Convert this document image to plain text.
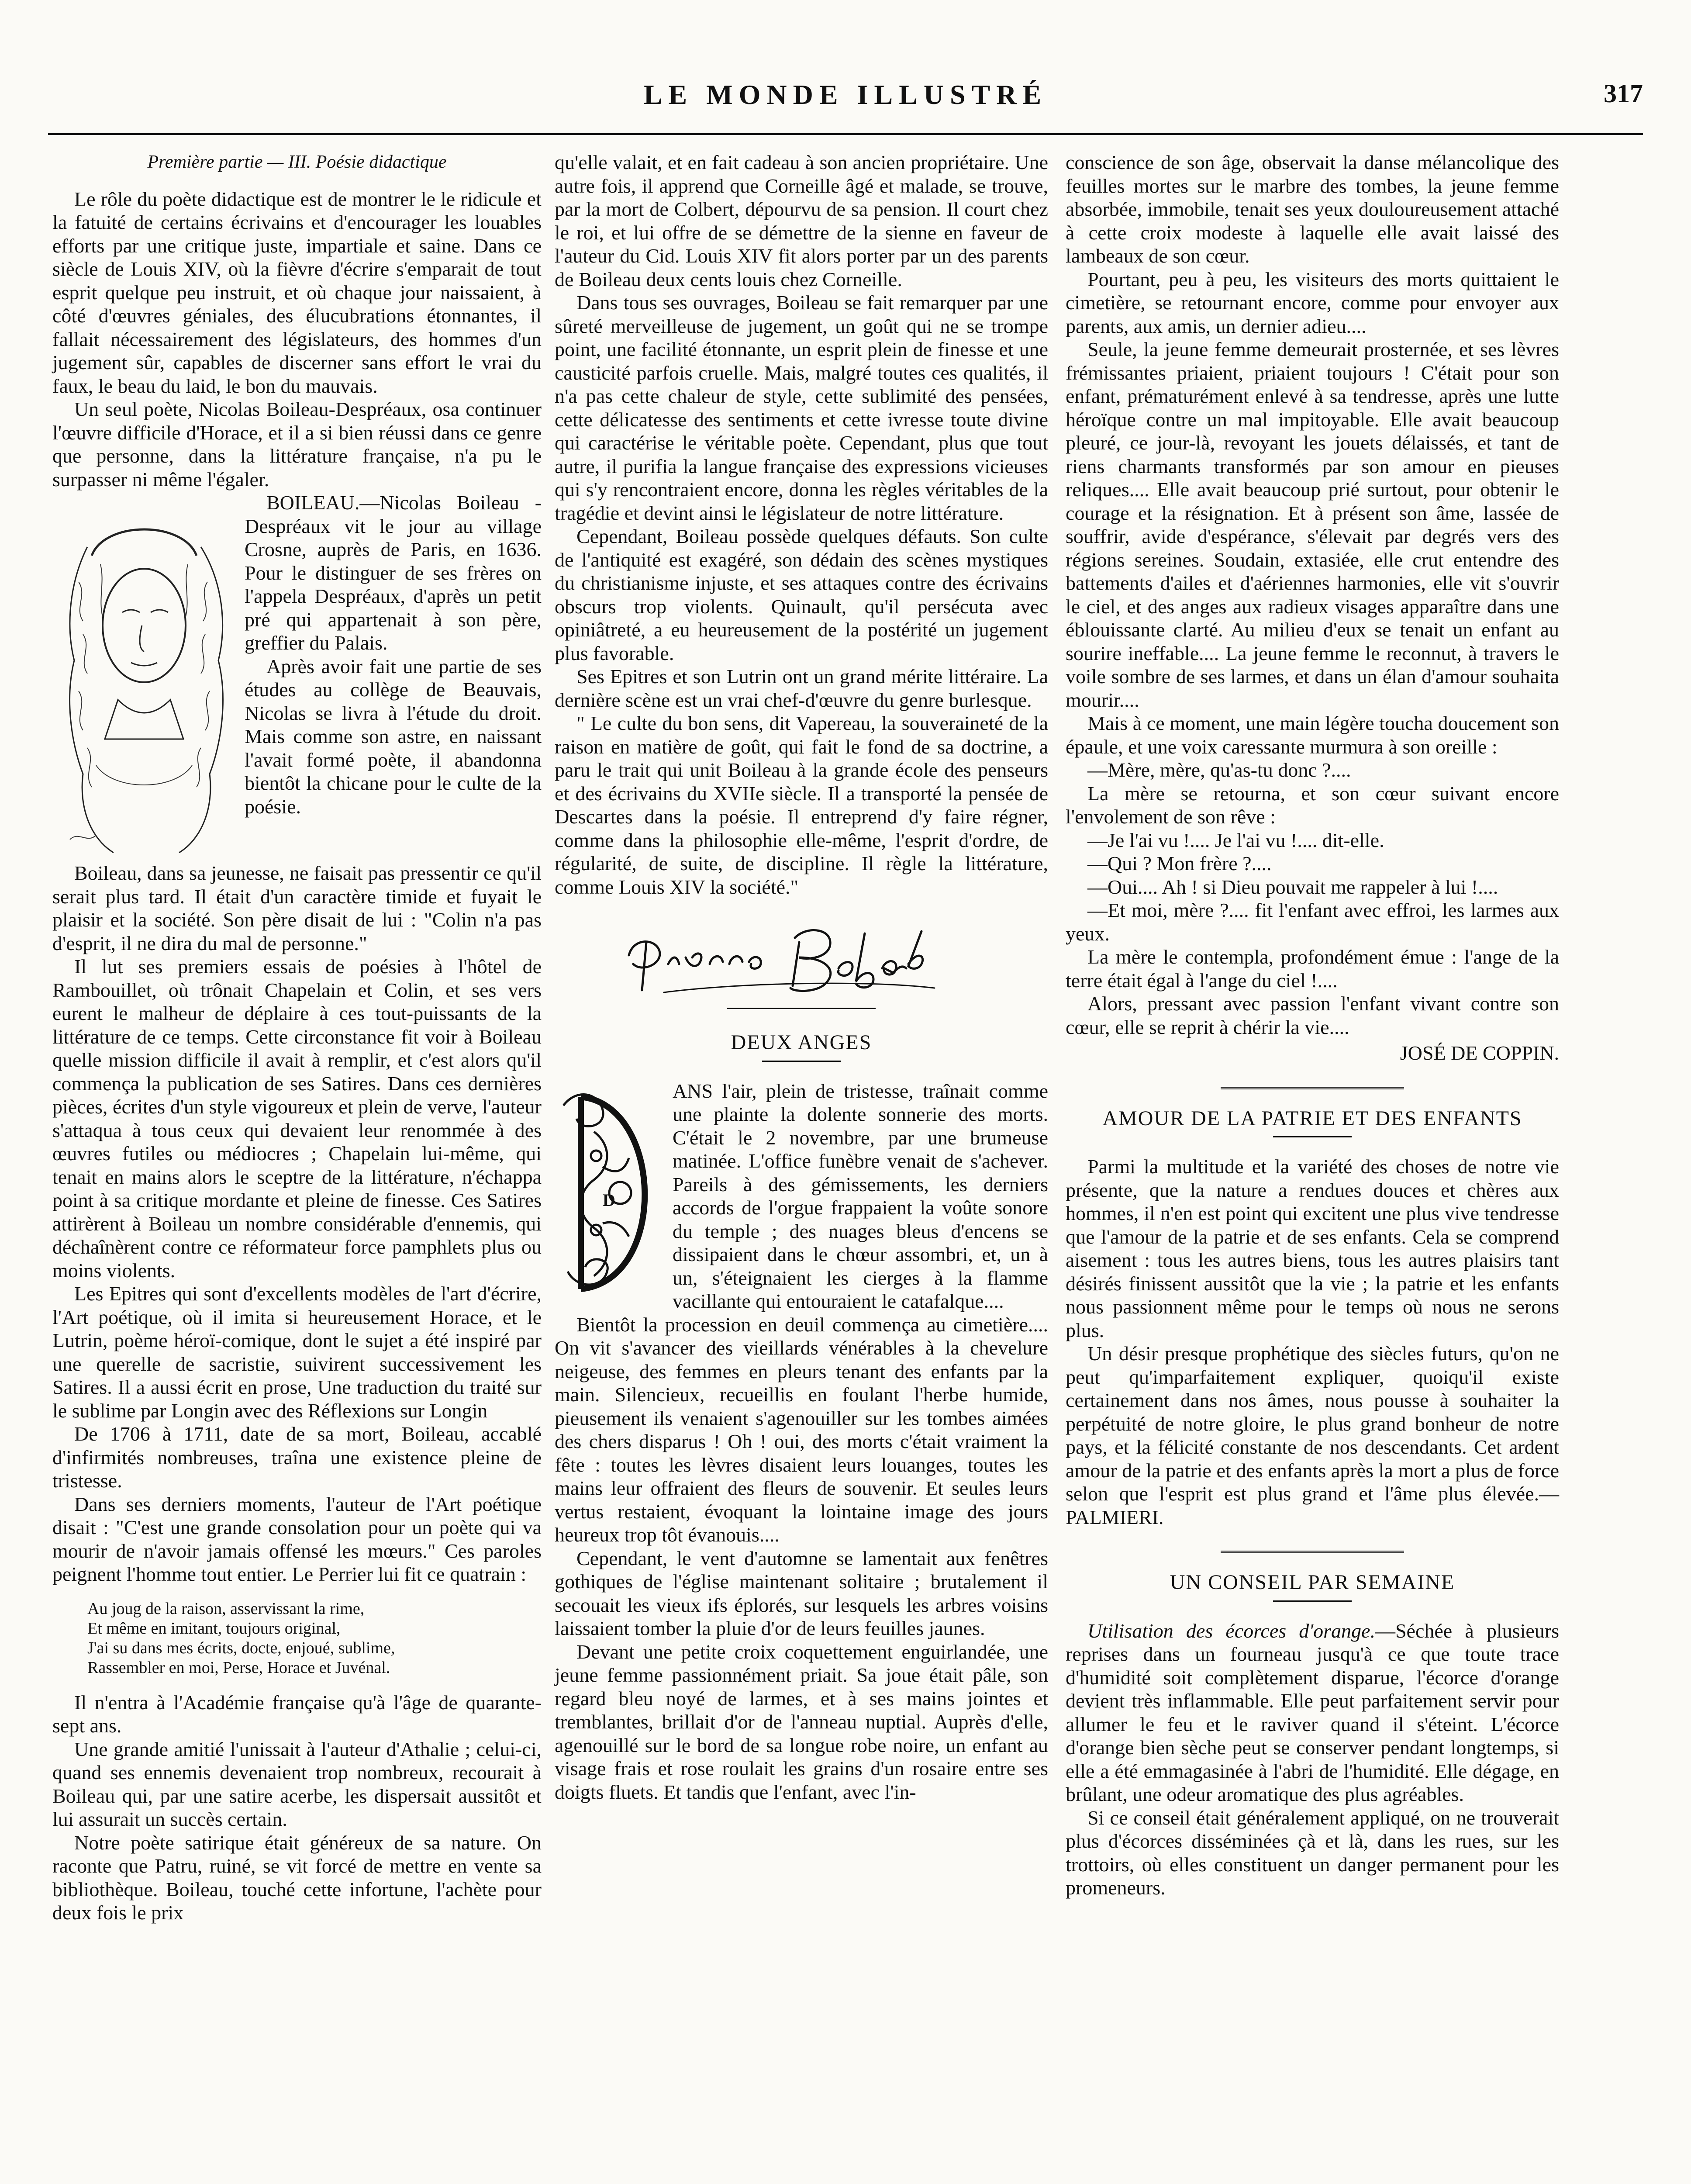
LE MONDE ILLUSTRÉ	317
Première partie — III. Poésie didactique

Le rôle du poète didactique est de montrer le le ridicule et la fatuité de certains écrivains et d'encourager les louables efforts par une critique juste, impartiale et saine. Dans ce siècle de Louis XIV, où la fièvre d'écrire s'emparait de tout esprit quelque peu instruit, et où chaque jour naissaient, à côté d'œuvres géniales, des élucubrations étonnantes, il fallait nécessairement des législateurs, des hommes d'un jugement sûr, capables de discerner sans effort le vrai du faux, le beau du laid, le bon du mauvais.

Un seul poète, Nicolas Boileau-Despréaux, osa continuer l'œuvre difficile d'Horace, et il a si bien réussi dans ce genre que personne, dans la littérature française, n'a pu le surpasser ni même l'égaler.

BOILEAU.—Nicolas Boileau - Despréaux vit le jour au village Crosne, auprès de Paris, en 1636. Pour le distinguer de ses frères on l'appela Despréaux, d'après un petit pré qui appartenait à son père, greffier du Palais.

Après avoir fait une partie de ses études au collège de Beauvais, Nicolas se livra à l'étude du droit. Mais comme son astre, en naissant l'avait formé poète, il abandonna bientôt la chicane pour le culte de la poésie.

Boileau, dans sa jeunesse, ne faisait pas pressentir ce qu'il serait plus tard. Il était d'un caractère timide et fuyait le plaisir et la société. Son père disait de lui : "Colin n'a pas d'esprit, il ne dira du mal de personne."

Il lut ses premiers essais de poésies à l'hôtel de Rambouillet, où trônait Chapelain et Colin, et ses vers eurent le malheur de déplaire à ces tout-puissants de la littérature de ce temps. Cette circonstance fit voir à Boileau quelle mission difficile il avait à remplir, et c'est alors qu'il commença la publication de ses Satires. Dans ces dernières pièces, écrites d'un style vigoureux et plein de verve, l'auteur s'attaqua à tous ceux qui devaient leur renommée à des œuvres futiles ou médiocres ; Chapelain lui-même, qui tenait en mains alors le sceptre de la littérature, n'échappa point à sa critique mordante et pleine de finesse. Ces Satires attirèrent à Boileau un nombre considérable d'ennemis, qui déchaînèrent contre ce réformateur force pamphlets plus ou moins violents.

Les Epitres qui sont d'excellents modèles de l'art d'écrire, l'Art poétique, où il imita si heureusement Horace, et le Lutrin, poème héroï-comique, dont le sujet a été inspiré par une querelle de sacristie, suivirent successivement les Satires. Il a aussi écrit en prose, Une traduction du traité sur le sublime par Longin avec des Réflexions sur Longin

De 1706 à 1711, date de sa mort, Boileau, accablé d'infirmités nombreuses, traîna une existence pleine de tristesse.

Dans ses derniers moments, l'auteur de l'Art poétique disait : "C'est une grande consolation pour un poète qui va mourir de n'avoir jamais offensé les mœurs." Ces paroles peignent l'homme tout entier. Le Perrier lui fit ce quatrain :

Au joug de la raison, asservissant la rime,
Et même en imitant, toujours original,
J'ai su dans mes écrits, docte, enjoué, sublime,
Rassembler en moi, Perse, Horace et Juvénal.

Il n'entra à l'Académie française qu'à l'âge de quarante-sept ans.

Une grande amitié l'unissait à l'auteur d'Athalie ; celui-ci, quand ses ennemis devenaient trop nombreux, recourait à Boileau qui, par une satire acerbe, les dispersait aussitôt et lui assurait un succès certain.

Notre poète satirique était généreux de sa nature. On raconte que Patru, ruiné, se vit forcé de mettre en vente sa bibliothèque. Boileau, touché cette infortune, l'achète pour deux fois le prix

qu'elle valait, et en fait cadeau à son ancien propriétaire. Une autre fois, il apprend que Corneille âgé et malade, se trouve, par la mort de Colbert, dépourvu de sa pension. Il court chez le roi, et lui offre de se démettre de la sienne en faveur de l'auteur du Cid. Louis XIV fit alors porter par un des parents de Boileau deux cents louis chez Corneille.

Dans tous ses ouvrages, Boileau se fait remarquer par une sûreté merveilleuse de jugement, un goût qui ne se trompe point, une facilité étonnante, un esprit plein de finesse et une causticité parfois cruelle. Mais, malgré toutes ces qualités, il n'a pas cette chaleur de style, cette sublimité des pensées, cette délicatesse des sentiments et cette ivresse toute divine qui caractérise le véritable poète. Cependant, plus que tout autre, il purifia la langue française des expressions vicieuses qui s'y rencontraient encore, donna les règles véritables de la tragédie et devint ainsi le législateur de notre littérature.

Cependant, Boileau possède quelques défauts. Son culte de l'antiquité est exagéré, son dédain des scènes mystiques du christianisme injuste, et ses attaques contre des écrivains obscurs trop violents. Quinault, qu'il persécuta avec opiniâtreté, a eu heureusement de la postérité un jugement plus favorable.

Ses Epitres et son Lutrin ont un grand mérite littéraire. La dernière scène est un vrai chef-d'œuvre du genre burlesque.

" Le culte du bon sens, dit Vapereau, la souveraineté de la raison en matière de goût, qui fait le fond de sa doctrine, a paru le trait qui unit Boileau à la grande école des penseurs et des écrivains du XVIIe siècle. Il a transporté la pensée de Descartes dans la poésie. Il entreprend d'y faire régner, comme dans la philosophie elle-même, l'esprit d'ordre, de régularité, de suite, de discipline. Il règle la littérature, comme Louis XIV la société."

DEUX ANGES
D

ANS l'air, plein de tristesse, traînait comme une plainte la dolente sonnerie des morts. C'était le 2 novembre, par une brumeuse matinée. L'office funèbre venait de s'achever. Pareils à des gémissements, les derniers accords de l'orgue frappaient la voûte sonore du temple ; des nuages bleus d'encens se dissipaient dans le chœur assombri, et, un à un, s'éteignaient les cierges à la flamme vacillante qui entouraient le catafalque....

Bientôt la procession en deuil commença au cimetière.... On vit s'avancer des vieillards vénérables à la chevelure neigeuse, des femmes en pleurs tenant des enfants par la main. Silencieux, recueillis en foulant l'herbe humide, pieusement ils venaient s'agenouiller sur les tombes aimées des chers disparus ! Oh ! oui, des morts c'était vraiment la fête : toutes les lèvres disaient leurs louanges, toutes les mains leur offraient des fleurs de souvenir. Et seules leurs vertus restaient, évoquant la lointaine image des jours heureux trop tôt évanouis....

Cependant, le vent d'automne se lamentait aux fenêtres gothiques de l'église maintenant solitaire ; brutalement il secouait les vieux ifs éplorés, sur lesquels les arbres voisins laissaient tomber la pluie d'or de leurs feuilles jaunes.

Devant une petite croix coquettement enguirlandée, une jeune femme passionnément priait. Sa joue était pâle, son regard bleu noyé de larmes, et à ses mains jointes et tremblantes, brillait d'or de l'anneau nuptial. Auprès d'elle, agenouillé sur le bord de sa longue robe noire, un enfant au visage frais et rose roulait les grains d'un rosaire entre ses doigts fluets. Et tandis que l'enfant, avec l'in-

conscience de son âge, observait la danse mélancolique des feuilles mortes sur le marbre des tombes, la jeune femme absorbée, immobile, tenait ses yeux douloureusement attaché à cette croix modeste à laquelle elle avait laissé des lambeaux de son cœur.

Pourtant, peu à peu, les visiteurs des morts quittaient le cimetière, se retournant encore, comme pour envoyer aux parents, aux amis, un dernier adieu....

Seule, la jeune femme demeurait prosternée, et ses lèvres frémissantes priaient, priaient toujours ! C'était pour son enfant, prématurément enlevé à sa tendresse, après une lutte héroïque contre un mal impitoyable. Elle avait beaucoup pleuré, ce jour-là, revoyant les jouets délaissés, et tant de riens charmants transformés par son amour en pieuses reliques.... Elle avait beaucoup prié surtout, pour obtenir le courage et la résignation. Et à présent son âme, lassée de souffrir, avide d'espérance, s'élevait par degrés vers des régions sereines. Soudain, extasiée, elle crut entendre des battements d'ailes et d'aériennes harmonies, elle vit s'ouvrir le ciel, et des anges aux radieux visages apparaître dans une éblouissante clarté. Au milieu d'eux se tenait un enfant au sourire ineffable.... La jeune femme le reconnut, à travers le voile sombre de ses larmes, et dans un élan d'amour souhaita mourir....

Mais à ce moment, une main légère toucha doucement son épaule, et une voix caressante murmura à son oreille :

—Mère, mère, qu'as-tu donc ?....

La mère se retourna, et son cœur suivant encore l'envolement de son rêve :

—Je l'ai vu !.... Je l'ai vu !.... dit-elle.

—Qui ? Mon frère ?....

—Oui.... Ah ! si Dieu pouvait me rappeler à lui !....

—Et moi, mère ?.... fit l'enfant avec effroi, les larmes aux yeux.

La mère le contempla, profondément émue : l'ange de la terre était égal à l'ange du ciel !....

Alors, pressant avec passion l'enfant vivant contre son cœur, elle se reprit à chérir la vie....

JOSÉ DE COPPIN.
AMOUR DE LA PATRIE ET DES ENFANTS

Parmi la multitude et la variété des choses de notre vie présente, que la nature a rendues douces et chères aux hommes, il n'en est point qui excitent une plus vive tendresse que l'amour de la patrie et de ses enfants. Cela se comprend aisement : tous les autres biens, tous les autres plaisirs tant désirés finissent aussitôt que la vie ; la patrie et les enfants nous passionnent même pour le temps où nous ne serons plus.

Un désir presque prophétique des siècles futurs, qu'on ne peut qu'imparfaitement expliquer, quoiqu'il existe certainement dans nos âmes, nous pousse à souhaiter la perpétuité de notre gloire, le plus grand bonheur de notre pays, et la félicité constante de nos descendants. Cet ardent amour de la patrie et des enfants après la mort a plus de force selon que l'esprit est plus grand et l'âme plus élevée.—PALMIERI.

UN CONSEIL PAR SEMAINE

Utilisation des écorces d'orange.—Séchée à plusieurs reprises dans un fourneau jusqu'à ce que toute trace d'humidité soit complètement disparue, l'écorce d'orange devient très inflammable. Elle peut parfaitement servir pour allumer le feu et le raviver quand il s'éteint. L'écorce d'orange bien sèche peut se conserver pendant longtemps, si elle a été emmagasinée à l'abri de l'humidité. Elle dégage, en brûlant, une odeur aromatique des plus agréables.

Si ce conseil était généralement appliqué, on ne trouverait plus d'écorces disséminées çà et là, dans les rues, sur les trottoirs, où elles constituent un danger permanent pour les promeneurs.
